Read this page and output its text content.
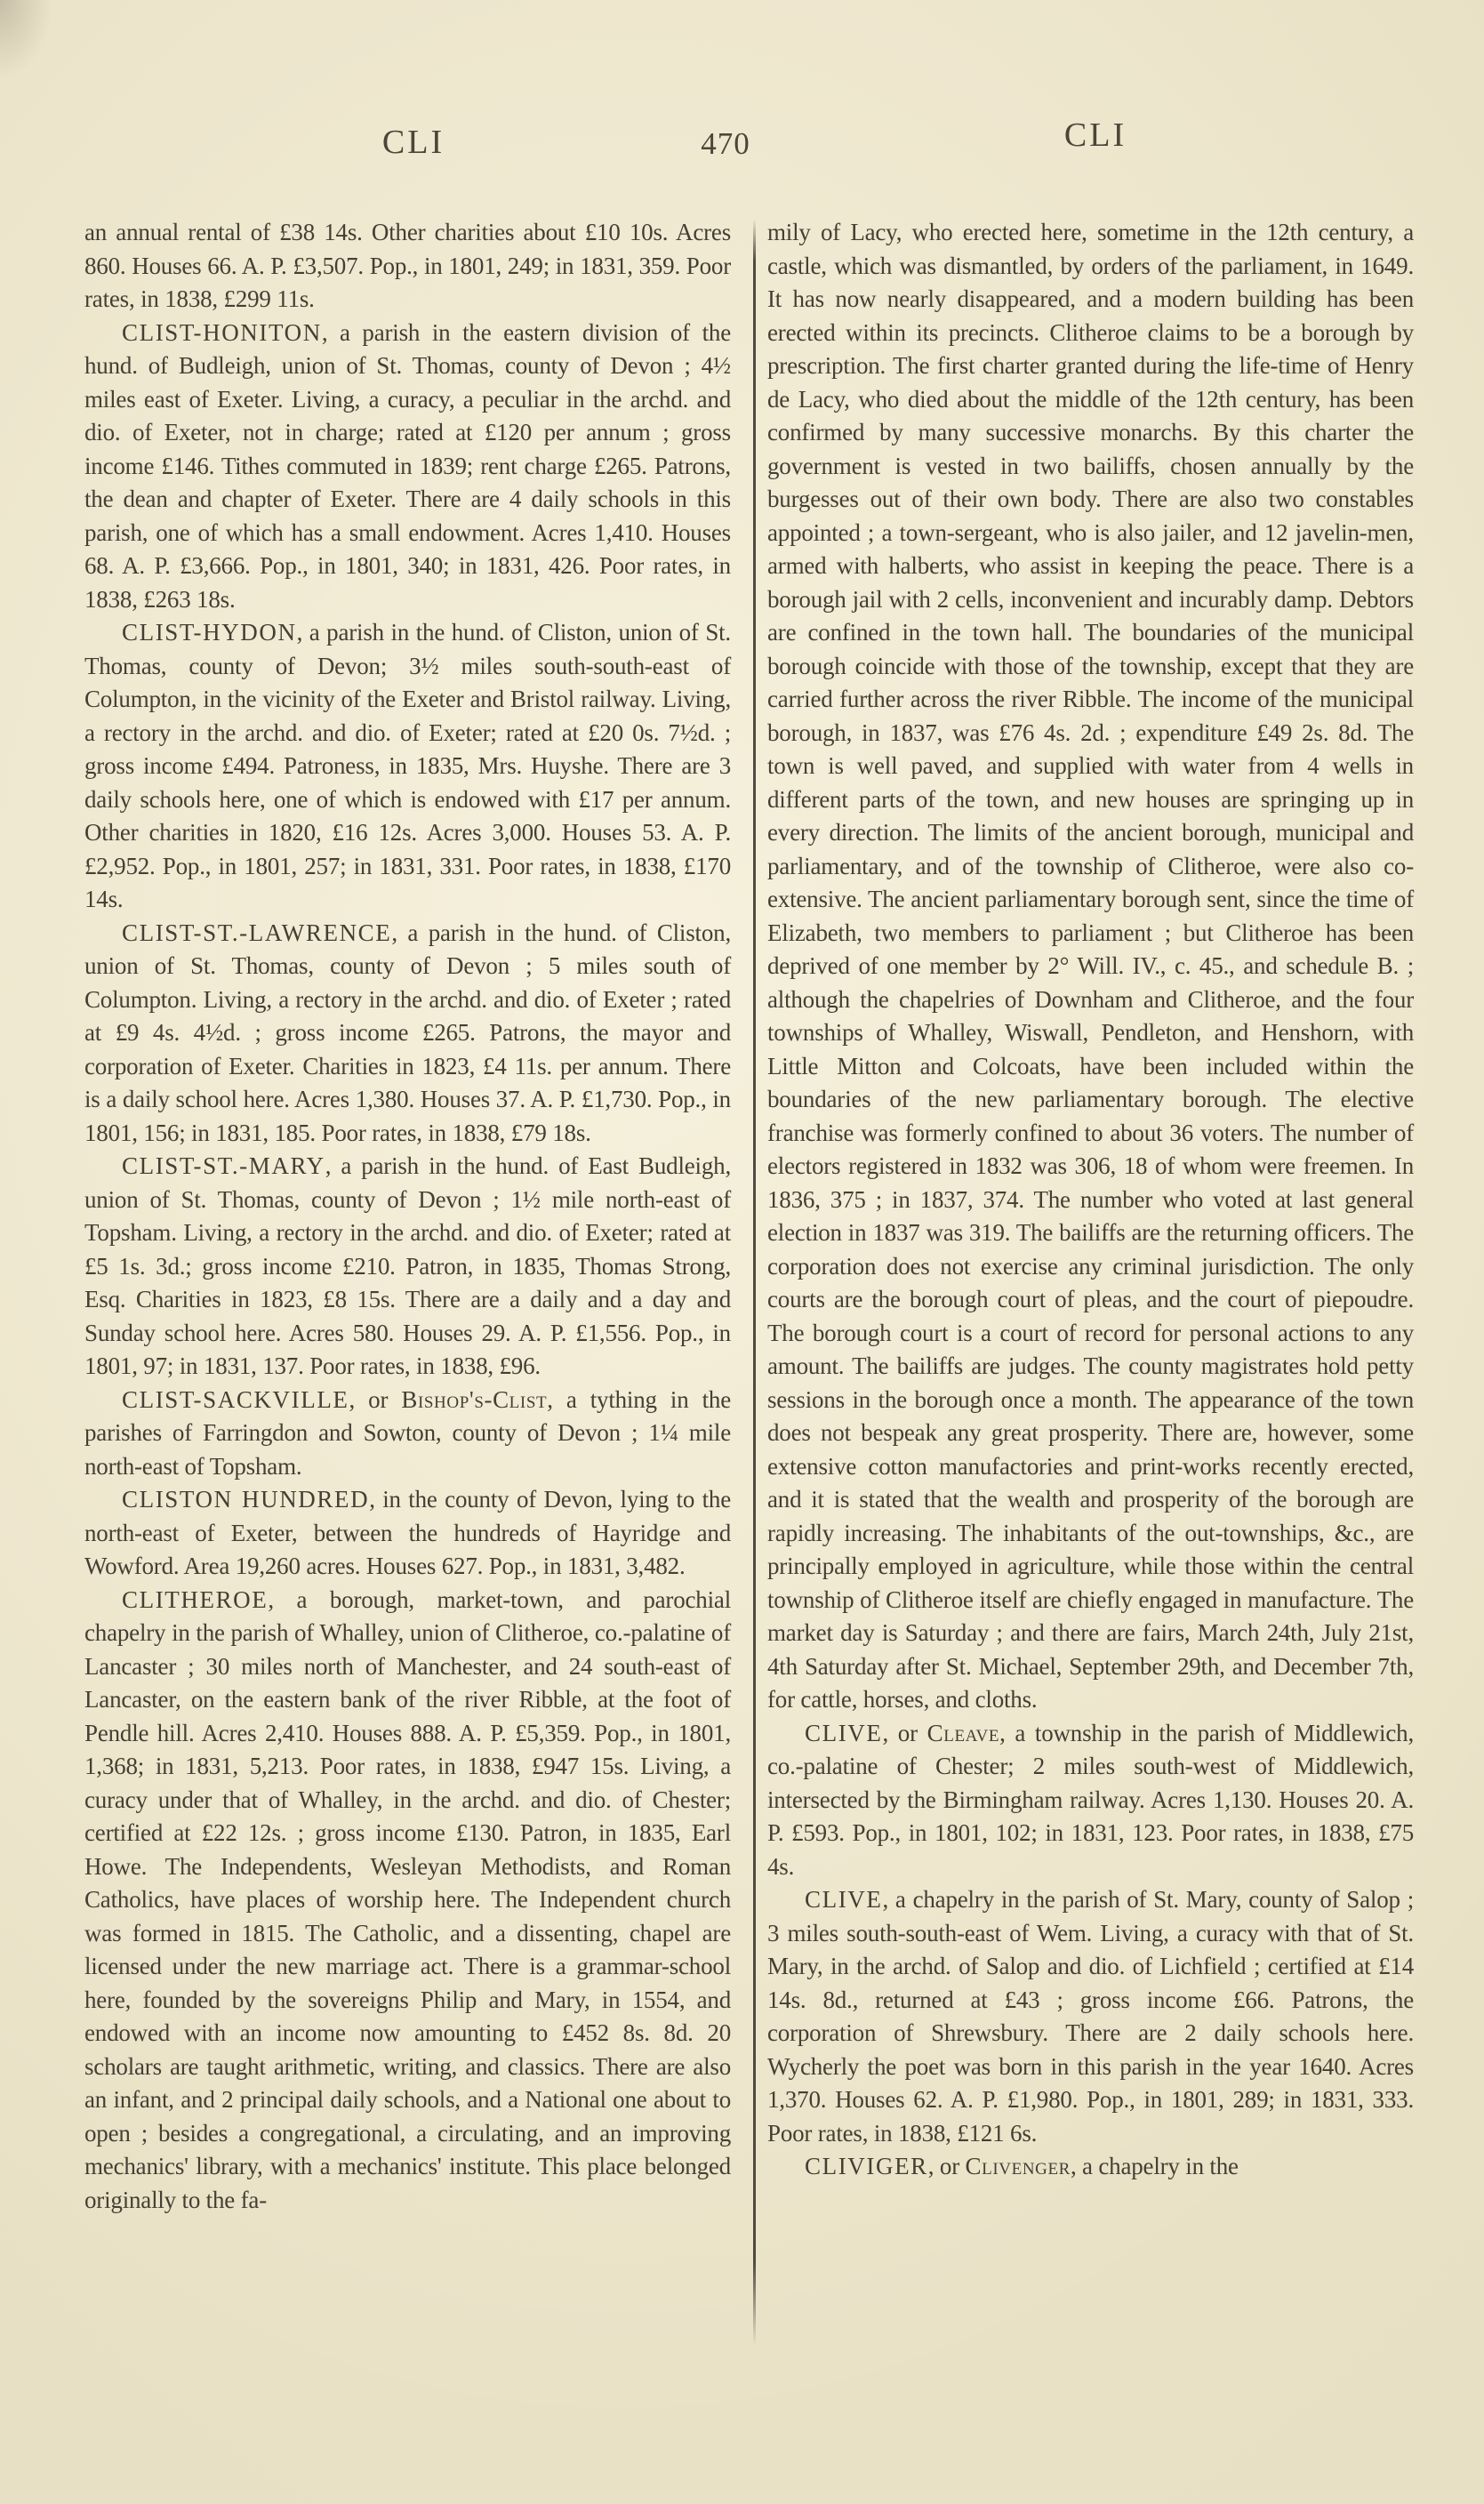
CLI	470	CLI

an annual rental of £38 14s. Other charities about £10 10s. Acres 860. Houses 66. A. P. £3,507. Pop., in 1801, 249; in 1831, 359. Poor rates, in 1838, £299 11s.

CLIST-HONITON, a parish in the eastern division of the hund. of Budleigh, union of St. Thomas, county of Devon ; 4½ miles east of Exeter. Living, a curacy, a peculiar in the archd. and dio. of Exeter, not in charge; rated at £120 per annum ; gross income £146. Tithes commuted in 1839; rent charge £265. Patrons, the dean and chapter of Exeter. There are 4 daily schools in this parish, one of which has a small endowment. Acres 1,410. Houses 68. A. P. £3,666. Pop., in 1801, 340; in 1831, 426. Poor rates, in 1838, £263 18s.

CLIST-HYDON, a parish in the hund. of Cliston, union of St. Thomas, county of Devon; 3½ miles south-south-east of Columpton, in the vicinity of the Exeter and Bristol railway. Living, a rectory in the archd. and dio. of Exeter; rated at £20 0s. 7½d. ; gross income £494. Patroness, in 1835, Mrs. Huyshe. There are 3 daily schools here, one of which is endowed with £17 per annum. Other charities in 1820, £16 12s. Acres 3,000. Houses 53. A. P. £2,952. Pop., in 1801, 257; in 1831, 331. Poor rates, in 1838, £170 14s.

CLIST-ST.-LAWRENCE, a parish in the hund. of Cliston, union of St. Thomas, county of Devon ; 5 miles south of Columpton. Living, a rectory in the archd. and dio. of Exeter ; rated at £9 4s. 4½d. ; gross income £265. Patrons, the mayor and corporation of Exeter. Charities in 1823, £4 11s. per annum. There is a daily school here. Acres 1,380. Houses 37. A. P. £1,730. Pop., in 1801, 156; in 1831, 185. Poor rates, in 1838, £79 18s.

CLIST-ST.-MARY, a parish in the hund. of East Budleigh, union of St. Thomas, county of Devon ; 1½ mile north-east of Topsham. Living, a rectory in the archd. and dio. of Exeter; rated at £5 1s. 3d.; gross income £210. Patron, in 1835, Thomas Strong, Esq. Charities in 1823, £8 15s. There are a daily and a day and Sunday school here. Acres 580. Houses 29. A. P. £1,556. Pop., in 1801, 97; in 1831, 137. Poor rates, in 1838, £96.

CLIST-SACKVILLE, or Bishop's-Clist, a tything in the parishes of Farringdon and Sowton, county of Devon ; 1¼ mile north-east of Topsham.

CLISTON HUNDRED, in the county of Devon, lying to the north-east of Exeter, between the hundreds of Hayridge and Wowford. Area 19,260 acres. Houses 627. Pop., in 1831, 3,482.

CLITHEROE, a borough, market-town, and parochial chapelry in the parish of Whalley, union of Clitheroe, co.-palatine of Lancaster ; 30 miles north of Manchester, and 24 south-east of Lancaster, on the eastern bank of the river Ribble, at the foot of Pendle hill. Acres 2,410. Houses 888. A. P. £5,359. Pop., in 1801, 1,368; in 1831, 5,213. Poor rates, in 1838, £947 15s. Living, a curacy under that of Whalley, in the archd. and dio. of Chester; certified at £22 12s. ; gross income £130. Patron, in 1835, Earl Howe. The Independents, Wesleyan Methodists, and Roman Catholics, have places of worship here. The Independent church was formed in 1815. The Catholic, and a dissenting, chapel are licensed under the new marriage act. There is a grammar-school here, founded by the sovereigns Philip and Mary, in 1554, and endowed with an income now amounting to £452 8s. 8d. 20 scholars are taught arithmetic, writing, and classics. There are also an infant, and 2 principal daily schools, and a National one about to open ; besides a congregational, a circulating, and an improving mechanics' library, with a mechanics' institute. This place belonged originally to the fa-

mily of Lacy, who erected here, sometime in the 12th century, a castle, which was dismantled, by orders of the parliament, in 1649. It has now nearly disappeared, and a modern building has been erected within its precincts. Clitheroe claims to be a borough by prescription. The first charter granted during the life-time of Henry de Lacy, who died about the middle of the 12th century, has been confirmed by many successive monarchs. By this charter the government is vested in two bailiffs, chosen annually by the burgesses out of their own body. There are also two constables appointed ; a town-sergeant, who is also jailer, and 12 javelin-men, armed with halberts, who assist in keeping the peace. There is a borough jail with 2 cells, inconvenient and incurably damp. Debtors are confined in the town hall. The boundaries of the municipal borough coincide with those of the township, except that they are carried further across the river Ribble. The income of the municipal borough, in 1837, was £76 4s. 2d. ; expenditure £49 2s. 8d. The town is well paved, and supplied with water from 4 wells in different parts of the town, and new houses are springing up in every direction. The limits of the ancient borough, municipal and parliamentary, and of the township of Clitheroe, were also co-extensive. The ancient parliamentary borough sent, since the time of Elizabeth, two members to parliament ; but Clitheroe has been deprived of one member by 2° Will. IV., c. 45., and schedule B. ; although the chapelries of Downham and Clitheroe, and the four townships of Whalley, Wiswall, Pendleton, and Henshorn, with Little Mitton and Colcoats, have been included within the boundaries of the new parliamentary borough. The elective franchise was formerly confined to about 36 voters. The number of electors registered in 1832 was 306, 18 of whom were freemen. In 1836, 375 ; in 1837, 374. The number who voted at last general election in 1837 was 319. The bailiffs are the returning officers. The corporation does not exercise any criminal jurisdiction. The only courts are the borough court of pleas, and the court of piepoudre. The borough court is a court of record for personal actions to any amount. The bailiffs are judges. The county magistrates hold petty sessions in the borough once a month. The appearance of the town does not bespeak any great prosperity. There are, however, some extensive cotton manufactories and print-works recently erected, and it is stated that the wealth and prosperity of the borough are rapidly increasing. The inhabitants of the out-townships, &c., are principally employed in agriculture, while those within the central township of Clitheroe itself are chiefly engaged in manufacture. The market day is Saturday ; and there are fairs, March 24th, July 21st, 4th Saturday after St. Michael, September 29th, and December 7th, for cattle, horses, and cloths.

CLIVE, or Cleave, a township in the parish of Middlewich, co.-palatine of Chester; 2 miles south-west of Middlewich, intersected by the Birmingham railway. Acres 1,130. Houses 20. A. P. £593. Pop., in 1801, 102; in 1831, 123. Poor rates, in 1838, £75 4s.

CLIVE, a chapelry in the parish of St. Mary, county of Salop ; 3 miles south-south-east of Wem. Living, a curacy with that of St. Mary, in the archd. of Salop and dio. of Lichfield ; certified at £14 14s. 8d., returned at £43 ; gross income £66. Patrons, the corporation of Shrewsbury. There are 2 daily schools here. Wycherly the poet was born in this parish in the year 1640. Acres 1,370. Houses 62. A. P. £1,980. Pop., in 1801, 289; in 1831, 333. Poor rates, in 1838, £121 6s.

CLIVIGER, or Clivenger, a chapelry in the
